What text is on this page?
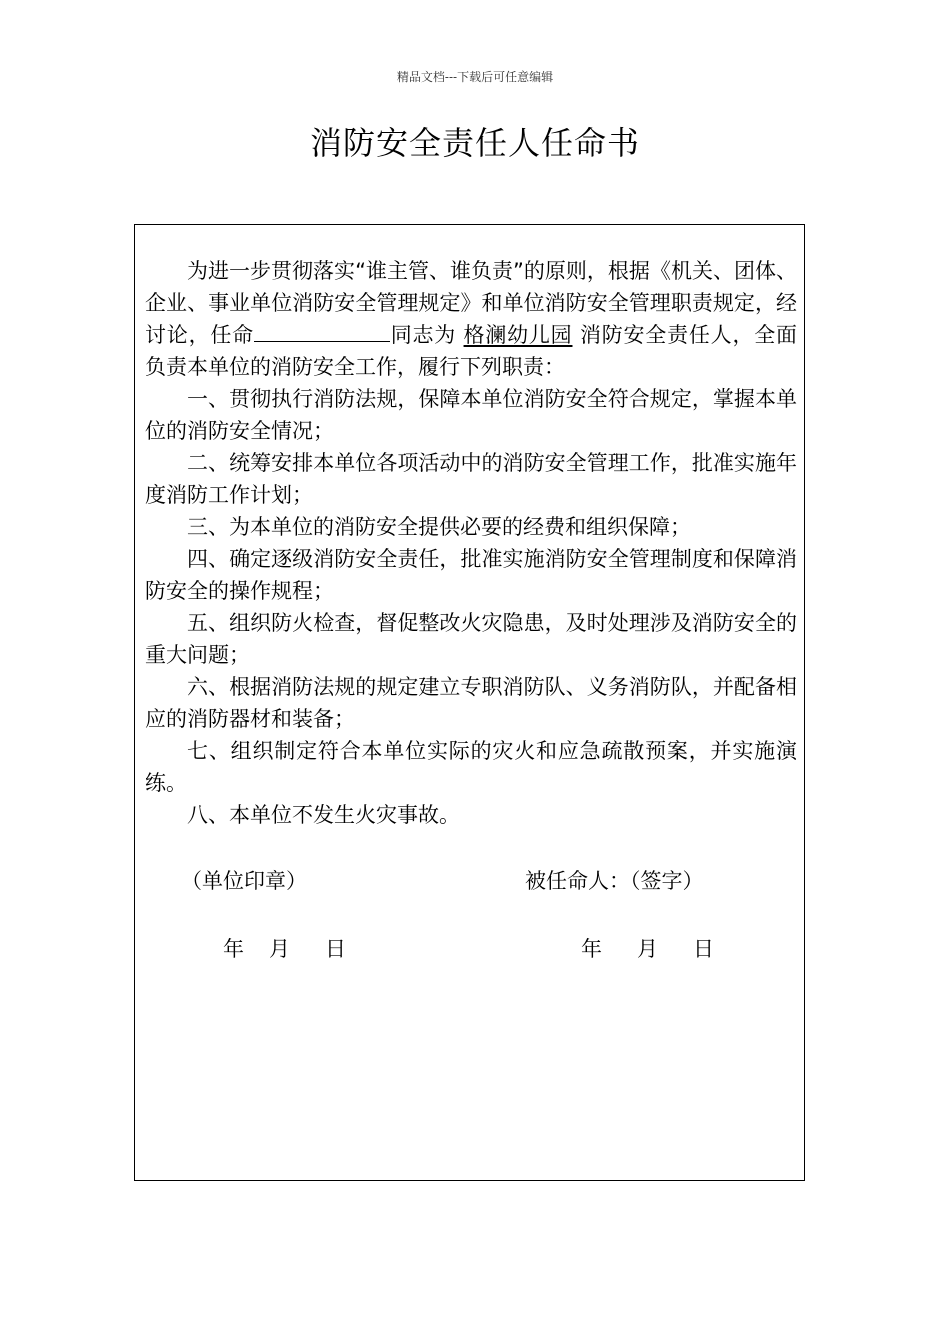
精品文档---下载后可任意编辑
消防安全责任人任命书

为进一步贯彻落实“谁主管、谁负责”的原则，根据《机关、团体、企业、事业单位消防安全管理规定》和单位消防安全管理职责规定，经讨论，任命	同志为 格澜幼儿园 消防安全责任人，全面负责本单位的消防安全工作，履行下列职责：

一、贯彻执行消防法规，保障本单位消防安全符合规定，掌握本单位的消防安全情况；

二、统筹安排本单位各项活动中的消防安全管理工作，批准实施年度消防工作计划；

三、为本单位的消防安全提供必要的经费和组织保障；

四、确定逐级消防安全责任，批准实施消防安全管理制度和保障消防安全的操作规程；

五、组织防火检查，督促整改火灾隐患，及时处理涉及消防安全的重大问题；

六、根据消防法规的规定建立专职消防队、义务消防队，并配备相应的消防器材和装备；

七、组织制定符合本单位实际的灾火和应急疏散预案，并实施演练。

八、本单位不发生火灾事故。

（单位印章）	被任命人：（签字）
年 月 日	年 月 日
